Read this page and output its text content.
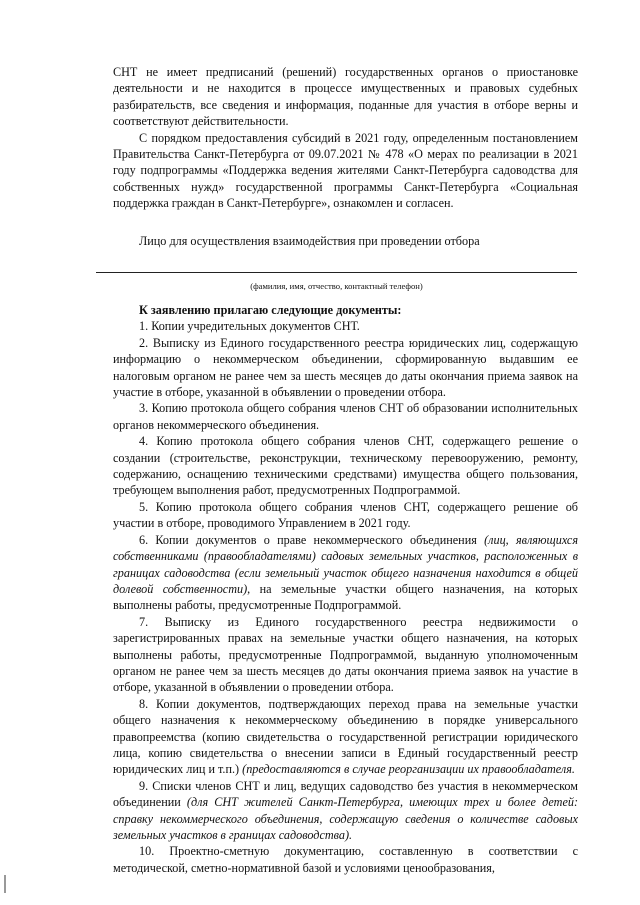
СНТ не имеет предписаний (решений) государственных органов о приостановке деятельности и не находится в процессе имущественных и правовых судебных разбирательств, все сведения и информация, поданные для участия в отборе верны и соответствуют действительности.

С порядком предоставления субсидий в 2021 году, определенным постановлением Правительства Санкт-Петербурга от 09.07.2021 № 478 «О мерах по реализации в 2021 году подпрограммы «Поддержка ведения жителями Санкт-Петербурга садоводства для собственных нужд» государственной программы Санкт-Петербурга «Социальная поддержка граждан в Санкт-Петербурге», ознакомлен и согласен.

Лицо для осуществления взаимодействия при проведении отбора
(фамилия, имя, отчество, контактный телефон)

К заявлению прилагаю следующие документы:

1. Копии учредительных документов СНТ.

2. Выписку из Единого государственного реестра юридических лиц, содержащую информацию о некоммерческом объединении, сформированную выдавшим ее налоговым органом не ранее чем за шесть месяцев до даты окончания приема заявок на участие в отборе, указанной в объявлении о проведении отбора.

3. Копию протокола общего собрания членов СНТ об образовании исполнительных органов некоммерческого объединения.

4. Копию протокола общего собрания членов СНТ, содержащего решение о создании (строительстве, реконструкции, техническому перевооружению, ремонту, содержанию, оснащению техническими средствами) имущества общего пользования, требующем выполнения работ, предусмотренных Подпрограммой.

5. Копию протокола общего собрания членов СНТ, содержащего решение об участии в отборе, проводимого Управлением в 2021 году.

6. Копии документов о праве некоммерческого объединения (лиц, являющихся собственниками (правообладателями) садовых земельных участков, расположенных в границах садоводства (если земельный участок общего назначения находится в общей долевой собственности), на земельные участки общего назначения, на которых выполнены работы, предусмотренные Подпрограммой.

7. Выписку из Единого государственного реестра недвижимости о зарегистрированных правах на земельные участки общего назначения, на которых выполнены работы, предусмотренные Подпрограммой, выданную уполномоченным органом не ранее чем за шесть месяцев до даты окончания приема заявок на участие в отборе, указанной в объявлении о проведении отбора.

8. Копии документов, подтверждающих переход права на земельные участки общего назначения к некоммерческому объединению в порядке универсального правопреемства (копию свидетельства о государственной регистрации юридического лица, копию свидетельства о внесении записи в Единый государственный реестр юридических лиц и т.п.) (предоставляются в случае реорганизации их правообладателя.

9. Списки членов СНТ и лиц, ведущих садоводство без участия в некоммерческом объединении (для СНТ жителей Санкт-Петербурга, имеющих трех и более детей: справку некоммерческого объединения, содержащую сведения о количестве садовых земельных участков в границах садоводства).

10. Проектно-сметную документацию, составленную в соответствии с методической, сметно-нормативной базой и условиями ценообразования,
